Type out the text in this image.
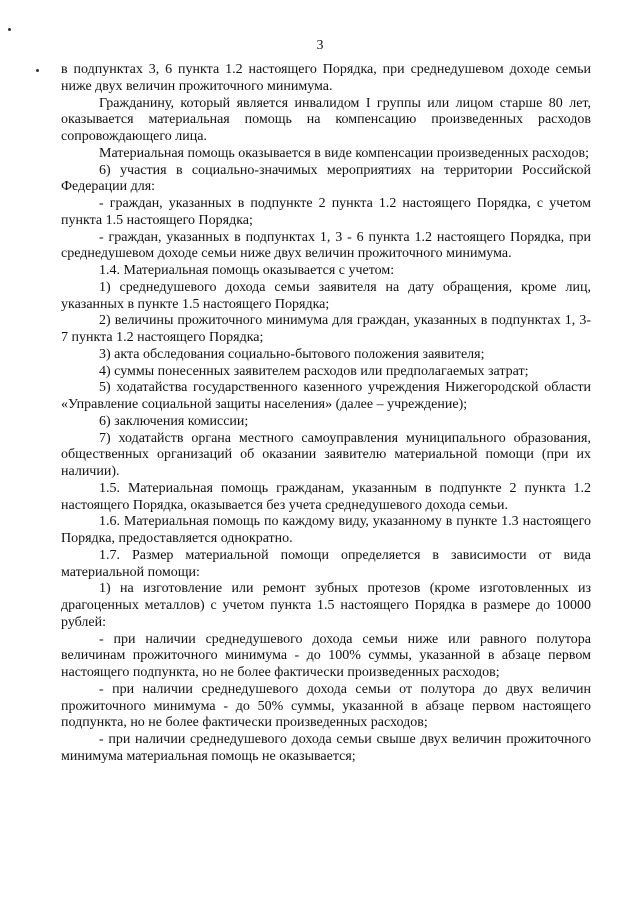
3

в подпунктах 3, 6 пункта 1.2 настоящего Порядка, при среднедушевом доходе семьи ниже двух величин прожиточного минимума.

Гражданину, который является инвалидом I группы или лицом старше 80 лет, оказывается материальная помощь на компенсацию произведенных расходов сопровождающего лица.

Материальная помощь оказывается в виде компенсации произведенных расходов;

6) участия в социально-значимых мероприятиях на территории Российской Федерации для:

- граждан, указанных в подпункте 2 пункта 1.2 настоящего Порядка, с учетом пункта 1.5 настоящего Порядка;

- граждан, указанных в подпунктах 1, 3 - 6 пункта 1.2 настоящего Порядка, при среднедушевом доходе семьи ниже двух величин прожиточного минимума.

1.4. Материальная помощь оказывается с учетом:

1) среднедушевого дохода семьи заявителя на дату обращения, кроме лиц, указанных в пункте 1.5 настоящего Порядка;

2) величины прожиточного минимума для граждан, указанных в подпунктах 1, 3-7 пункта 1.2 настоящего Порядка;

3) акта обследования социально-бытового положения заявителя;

4) суммы понесенных заявителем расходов или предполагаемых затрат;

5) ходатайства государственного казенного учреждения Нижегородской области «Управление социальной защиты населения» (далее – учреждение);

6) заключения комиссии;

7) ходатайств органа местного самоуправления муниципального образования, общественных организаций об оказании заявителю материальной помощи (при их наличии).

1.5. Материальная помощь гражданам, указанным в подпункте 2 пункта 1.2 настоящего Порядка, оказывается без учета среднедушевого дохода семьи.

1.6. Материальная помощь по каждому виду, указанному в пункте 1.3 настоящего Порядка, предоставляется однократно.

1.7. Размер материальной помощи определяется в зависимости от вида материальной помощи:

1) на изготовление или ремонт зубных протезов (кроме изготовленных из драгоценных металлов) с учетом пункта 1.5 настоящего Порядка в размере до 10000 рублей:

- при наличии среднедушевого дохода семьи ниже или равного полутора величинам прожиточного минимума - до 100% суммы, указанной в абзаце первом настоящего подпункта, но не более фактически произведенных расходов;

- при наличии среднедушевого дохода семьи от полутора до двух величин прожиточного минимума - до 50% суммы, указанной в абзаце первом настоящего подпункта, но не более фактически произведенных расходов;

- при наличии среднедушевого дохода семьи свыше двух величин прожиточного минимума материальная помощь не оказывается;
